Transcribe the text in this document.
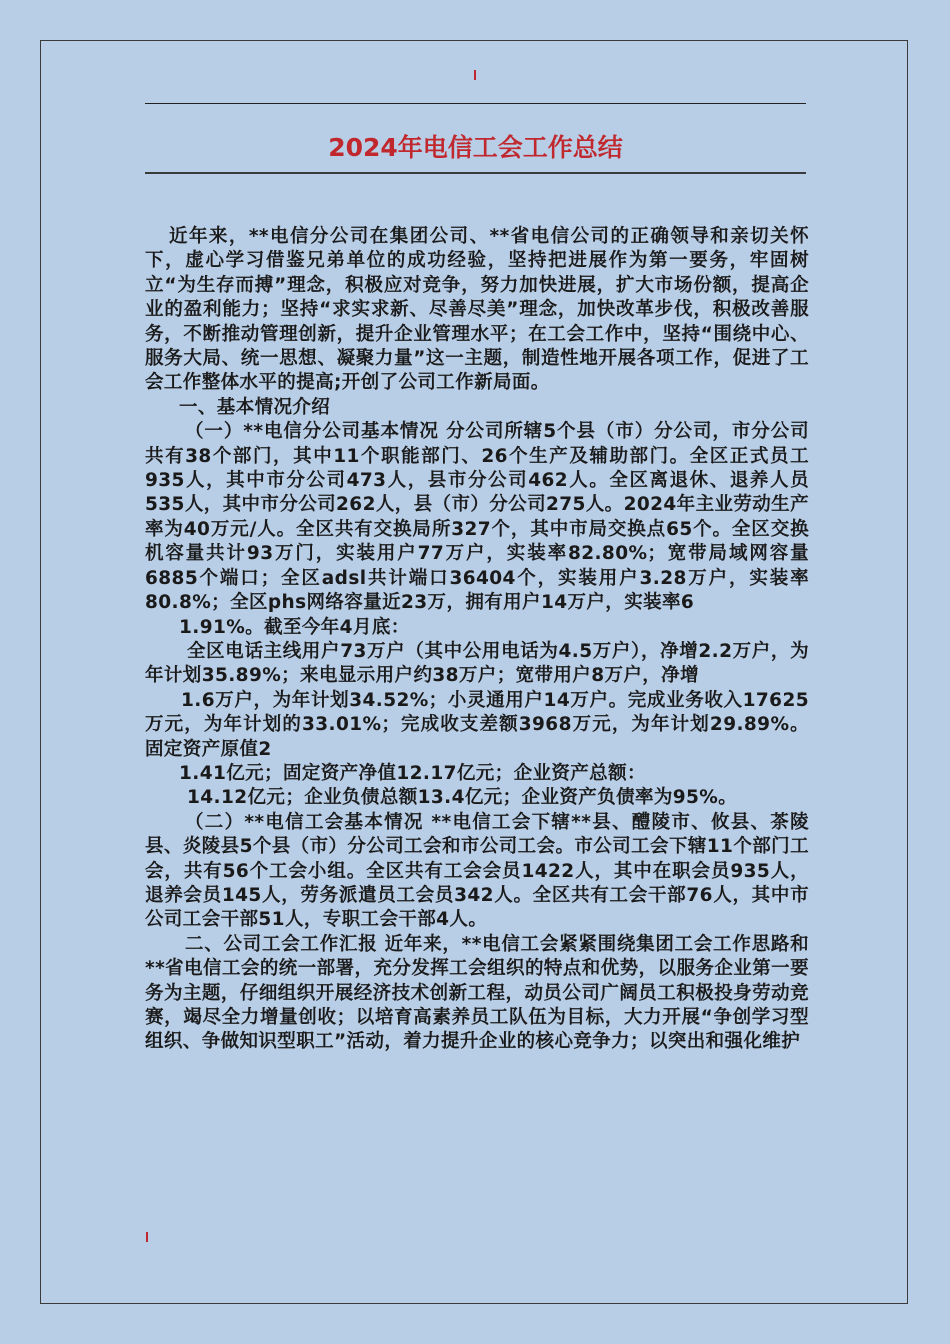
2024年电信工会工作总结

近年来，**电信分公司在集团公司、**省电信公司的正确领导和亲切关怀下，虚心学习借鉴兄弟单位的成功经验，坚持把进展作为第一要务，牢固树立“为生存而搏”理念，积极应对竞争，努力加快进展，扩大市场份额，提高企业的盈利能力；坚持“求实求新、尽善尽美”理念，加快改革步伐，积极改善服务，不断推动管理创新，提升企业管理水平；在工会工作中，坚持“围绕中心、服务大局、统一思想、凝聚力量”这一主题，制造性地开展各项工作，促进了工会工作整体水平的提高;开创了公司工作新局面。

一、基本情况介绍

（一）**电信分公司基本情况 分公司所辖5个县（市）分公司，市分公司共有38个部门，其中11个职能部门、26个生产及辅助部门。全区正式员工935人，其中市分公司473人，县市分公司462人。全区离退休、退养人员535人，其中市分公司262人，县（市）分公司275人。2024年主业劳动生产率为40万元/人。全区共有交换局所327个，其中市局交换点65个。全区交换机容量共计93万门，实装用户77万户，实装率82.80%；宽带局域网容量6885个端口；全区adsl共计端口36404个，实装用户3.28万户，实装率80.8%；全区phs网络容量近23万，拥有用户14万户，实装率6

1.91%。截至今年4月底：

全区电话主线用户73万户（其中公用电话为4.5万户），净增2.2万户，为年计划35.89%；来电显示用户约38万户；宽带用户8万户，净增

1.6万户，为年计划34.52%；小灵通用户14万户。完成业务收入17625万元，为年计划的33.01%；完成收支差额3968万元，为年计划29.89%。固定资产原值2

1.41亿元；固定资产净值12.17亿元；企业资产总额：

14.12亿元；企业负债总额13.4亿元；企业资产负债率为95%。

（二）**电信工会基本情况 **电信工会下辖**县、醴陵市、攸县、茶陵县、炎陵县5个县（市）分公司工会和市公司工会。市公司工会下辖11个部门工会，共有56个工会小组。全区共有工会会员1422人，其中在职会员935人，退养会员145人，劳务派遣员工会员342人。全区共有工会干部76人，其中市公司工会干部51人，专职工会干部4人。

二、公司工会工作汇报 近年来，**电信工会紧紧围绕集团工会工作思路和**省电信工会的统一部署，充分发挥工会组织的特点和优势，以服务企业第一要务为主题，仔细组织开展经济技术创新工程，动员公司广阔员工积极投身劳动竞赛，竭尽全力增量创收；以培育高素养员工队伍为目标，大力开展“争创学习型组织、争做知识型职工”活动，着力提升企业的核心竞争力；以突出和强化维护
